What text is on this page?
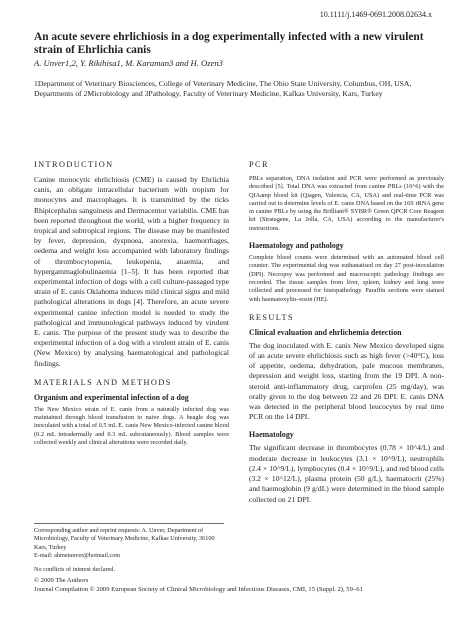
10.1111/j.1469-0691.2008.02634.x
An acute severe ehrlichiosis in a dog experimentally infected with a new virulent strain of Ehrlichia canis
A. Unver1,2, Y. Rikihisa1, M. Karaman3 and H. Ozen3
1Department of Veterinary Biosciences, College of Veterinary Medicine, The Ohio State University, Columbus, OH, USA, Departments of 2Microbiology and 3Pathology, Faculty of Veterinary Medicine, Kafkas University, Kars, Turkey
INTRODUCTION

Canine monocytic ehrlichiosis (CME) is caused by Ehrlichia canis, an obligate intracellular bacterium with tropism for monocytes and macrophages. It is transmitted by the ticks Rhipicephalus sanguineus and Dermacentor variabilis. CME has been reported throughout the world, with a higher frequency in tropical and subtropical regions. The disease may be manifested by fever, depression, dyspnoea, anorexia, haemorrhages, oedema and weight loss accompanied with laboratory findings of thrombocytopenia, leukopenia, anaemia, and hypergammaglobulinaemia [1–5]. It has been reported that experimental infection of dogs with a cell culture-passaged type strain of E. canis Oklahoma induces mild clinical signs and mild pathological alterations in dogs [4]. Therefore, an acute severe experimental canine infection model is needed to study the pathological and immunological pathways induced by virulent E. canis. The purpose of the present study was to describe the experimental infection of a dog with a virulent strain of E. canis (New Mexico) by analysing haematological and pathological findings.

MATERIALS AND METHODS
Organism and experimental infection of a dog

The New Mexico strain of E. canis from a naturally infected dog was maintained through blood transfusion to naive dogs. A beagle dog was inoculated with a total of 0.5 mL E. canis New Mexico-infected canine blood (0.2 mL intradermally and 0.3 mL subcutaneously). Blood samples were collected weekly and clinical alterations were recorded daily.

Corresponding author and reprint requests: A. Unver, Department of Microbiology, Faculty of Veterinary Medicine, Kafkas University, 36100 Kars, Turkey
E-mail: ahmetunver@hotmail.com
No conflicts of interest declared.
PCR

PBLs separation, DNA isolation and PCR were performed as previously described [5]. Total DNA was extracted from canine PBLs (10^6) with the QIAamp blood kit (Qiagen, Valencia, CA, USA) and real-time PCR was carried out to determine levels of E. canis DNA based on the 16S rRNA gene in canine PBLs by using the Brilliant® SYBR® Green QPCR Core Reagent kit (Stratagene, La Jolla, CA, USA) according to the manufacturer's instructions.

Haematology and pathology

Complete blood counts were determined with an automated blood cell counter. The experimental dog was euthanatised on day 27 post-inoculation (DPI). Necropsy was performed and macroscopic pathology findings are recorded. The tissue samples from liver, spleen, kidney and lung were collected and processed for histopathology. Paraffin sections were stained with haematoxylin–eosin (HE).

RESULTS
Clinical evaluation and ehrlichemia detection

The dog inoculated with E. canis New Mexico developed signs of an acute severe ehrlichiosis such as high fever (>40°C), loss of appetite, oedema, dehydration, pale mucous membranes, depression and weight loss, starting from the 19 DPI. A non-steroid anti-inflammatory drug, carprofen (25 mg/day), was orally given to the dog between 22 and 26 DPI. E. canis DNA was detected in the peripheral blood leucocytes by real time PCR on the 14 DPI.

Haematology

The significant decrease in thrombocytes (0.78 × 10^4/L) and moderate decrease in leukocytes (3.1 × 10^9/L), neutrophils (2.4 × 10^9/L), lymphocytes (0.4 × 10^9/L), and red blood cells (3.2 × 10^12/L), plasma protein (50 g/L), haematocrit (25%) and haemoglobin (9 g/dL) were determined in the blood sample collected on 21 DPI.

© 2009 The Authors
Journal Compilation © 2009 European Society of Clinical Microbiology and Infectious Diseases, CMI, 15 (Suppl. 2), 59–61
